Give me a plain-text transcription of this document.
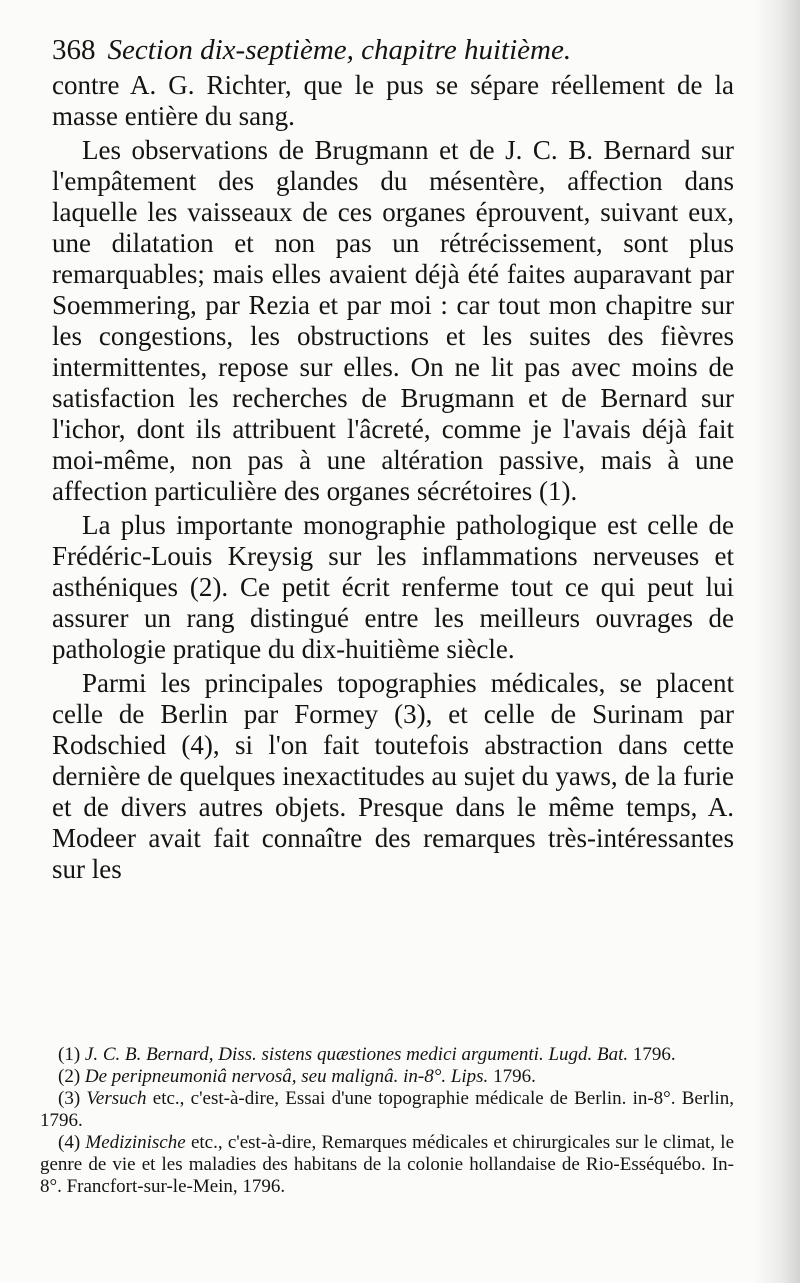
368 Section dix-septième, chapitre huitième.

contre A. G. Richter, que le pus se sépare réellement de la masse entière du sang.

Les observations de Brugmann et de J. C. B. Bernard sur l'empâtement des glandes du mésentère, affection dans laquelle les vaisseaux de ces organes éprouvent, suivant eux, une dilatation et non pas un rétrécissement, sont plus remarquables; mais elles avaient déjà été faites auparavant par Soemmering, par Rezia et par moi : car tout mon chapitre sur les congestions, les obstructions et les suites des fièvres intermittentes, repose sur elles. On ne lit pas avec moins de satisfaction les recherches de Brugmann et de Bernard sur l'ichor, dont ils attribuent l'âcreté, comme je l'avais déjà fait moi-même, non pas à une altération passive, mais à une affection particulière des organes sécrétoires (1).

La plus importante monographie pathologique est celle de Frédéric-Louis Kreysig sur les inflammations nerveuses et asthéniques (2). Ce petit écrit renferme tout ce qui peut lui assurer un rang distingué entre les meilleurs ouvrages de pathologie pratique du dix-huitième siècle.

Parmi les principales topographies médicales, se placent celle de Berlin par Formey (3), et celle de Surinam par Rodschied (4), si l'on fait toutefois abstraction dans cette dernière de quelques inexactitudes au sujet du yaws, de la furie et de divers autres objets. Presque dans le même temps, A. Modeer avait fait connaître des remarques très-intéressantes sur les

(1) J. C. B. Bernard, Diss. sistens quæstiones medici argumenti. Lugd. Bat. 1796.

(2) De peripneumoniâ nervosâ, seu malignâ. in-8°. Lips. 1796.

(3) Versuch etc., c'est-à-dire, Essai d'une topographie médicale de Berlin. in-8°. Berlin, 1796.

(4) Medizinische etc., c'est-à-dire, Remarques médicales et chirurgicales sur le climat, le genre de vie et les maladies des habitans de la colonie hollandaise de Rio-Esséquébo. In-8°. Francfort-sur-le-Mein, 1796.
